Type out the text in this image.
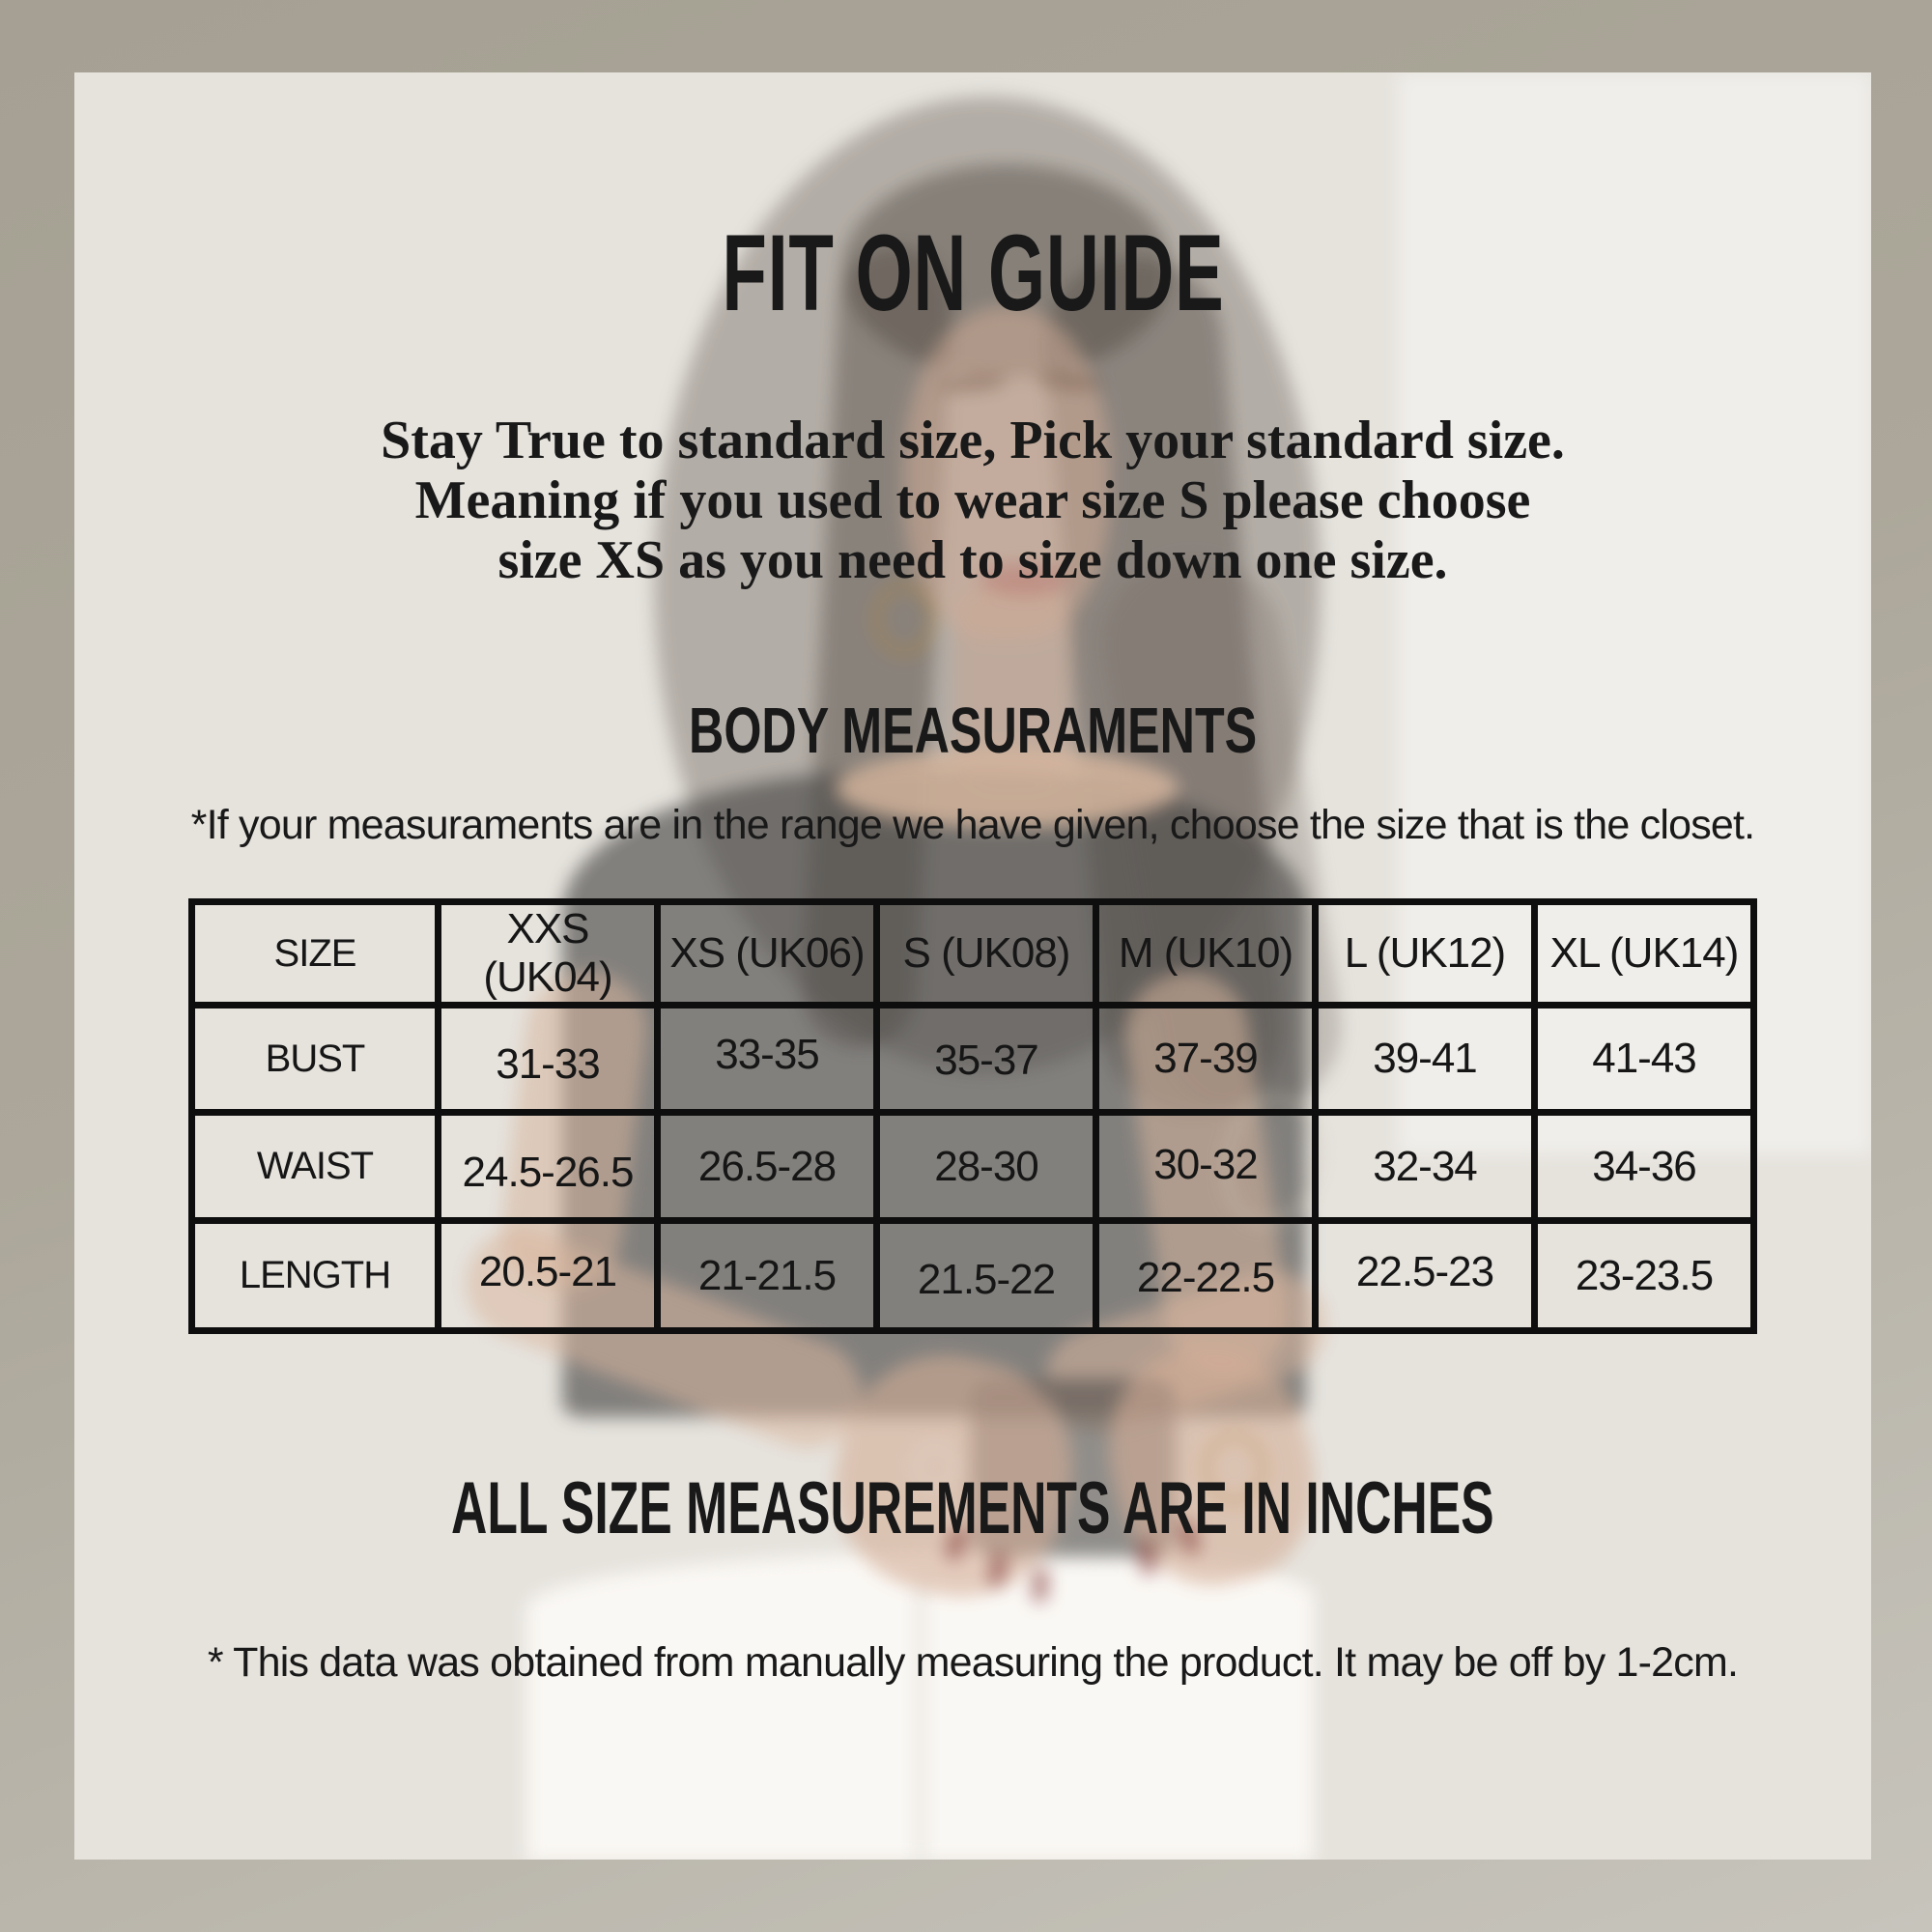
FIT ON GUIDE
Stay True to standard size, Pick your standard size.
Meaning if you used to wear size S please choose
size XS as you need to size down one size.
BODY MEASURAMENTS
*If your measuraments are in the range we have given, choose the size that is the closet.
SIZE	XXS (UK04)	XS (UK06)	S (UK08)	M (UK10)	L (UK12)	XL (UK14)
BUST	31-33	33-35	35-37	37-39	39-41	41-43
WAIST	24.5-26.5	26.5-28	28-30	30-32	32-34	34-36
LENGTH	20.5-21	21-21.5	21.5-22	22-22.5	22.5-23	23-23.5
ALL SIZE MEASUREMENTS ARE IN INCHES
* This data was obtained from manually measuring the product. It may be off by 1-2cm.
